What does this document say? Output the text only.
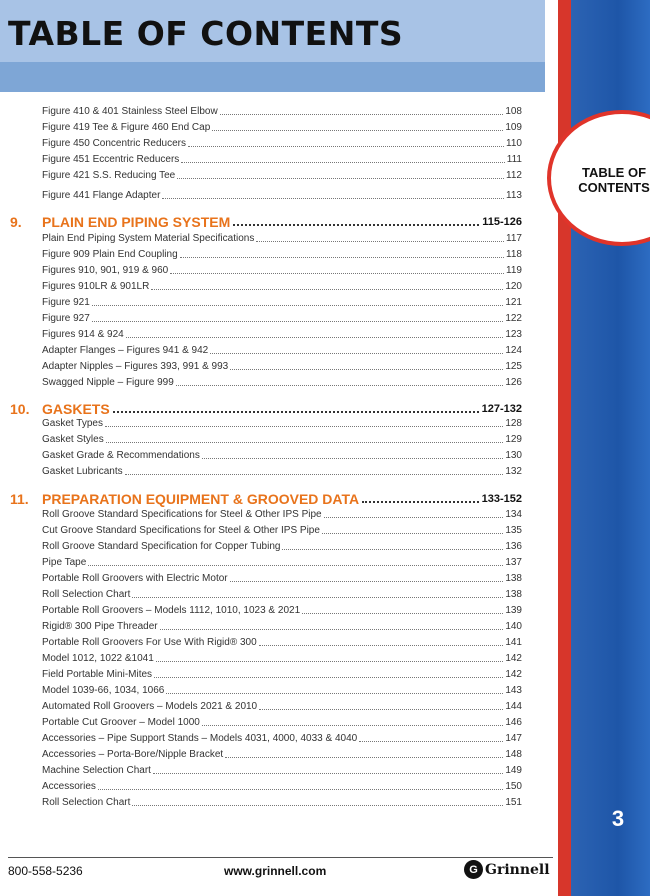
TABLE OF CONTENTS
TABLE OF
CONTENTS
3
Figure 410 & 401 Stainless Steel Elbow	108
Figure 419 Tee & Figure 460 End Cap	109
Figure 450 Concentric Reducers	110
Figure 451 Eccentric Reducers	111
Figure 421 S.S. Reducing Tee	112
Figure 441 Flange Adapter	113
9.	PLAIN END PIPING SYSTEM	115-126
Plain End Piping System Material Specifications	117
Figure 909 Plain End Coupling	118
Figures 910, 901, 919 & 960	119
Figures 910LR & 901LR	120
Figure 921	121
Figure 927	122
Figures 914 & 924	123
Adapter Flanges – Figures 941 & 942	124
Adapter Nipples – Figures 393, 991 & 993	125
Swagged Nipple – Figure 999	126
10. GASKETS	127-132
Gasket Types	128
Gasket Styles	129
Gasket Grade & Recommendations	130
Gasket Lubricants	132
11. PREPARATION EQUIPMENT & GROOVED DATA	133-152
Roll Groove Standard Specifications for Steel & Other IPS Pipe	134
Cut Groove Standard Specifications for Steel & Other IPS Pipe	135
Roll Groove Standard Specification for Copper Tubing	136
Pipe Tape	137
Portable Roll Groovers with Electric Motor	138
Roll Selection Chart	138
Portable Roll Groovers – Models 1112, 1010, 1023 & 2021	139
Rigid® 300 Pipe Threader	140
Portable Roll Groovers For Use With Rigid® 300	141
Model 1012, 1022 &1041	142
Field Portable Mini-Mites	142
Model 1039-66, 1034, 1066	143
Automated Roll Groovers – Models 2021 & 2010	144
Portable Cut Groover – Model 1000	146
Accessories – Pipe Support Stands – Models 4031, 4000, 4033 & 4040	147
Accessories – Porta-Bore/Nipple Bracket	148
Machine Selection Chart	149
Accessories	150
Roll Selection Chart	151
800-558-5236	www.grinnell.com	G Grinnell
